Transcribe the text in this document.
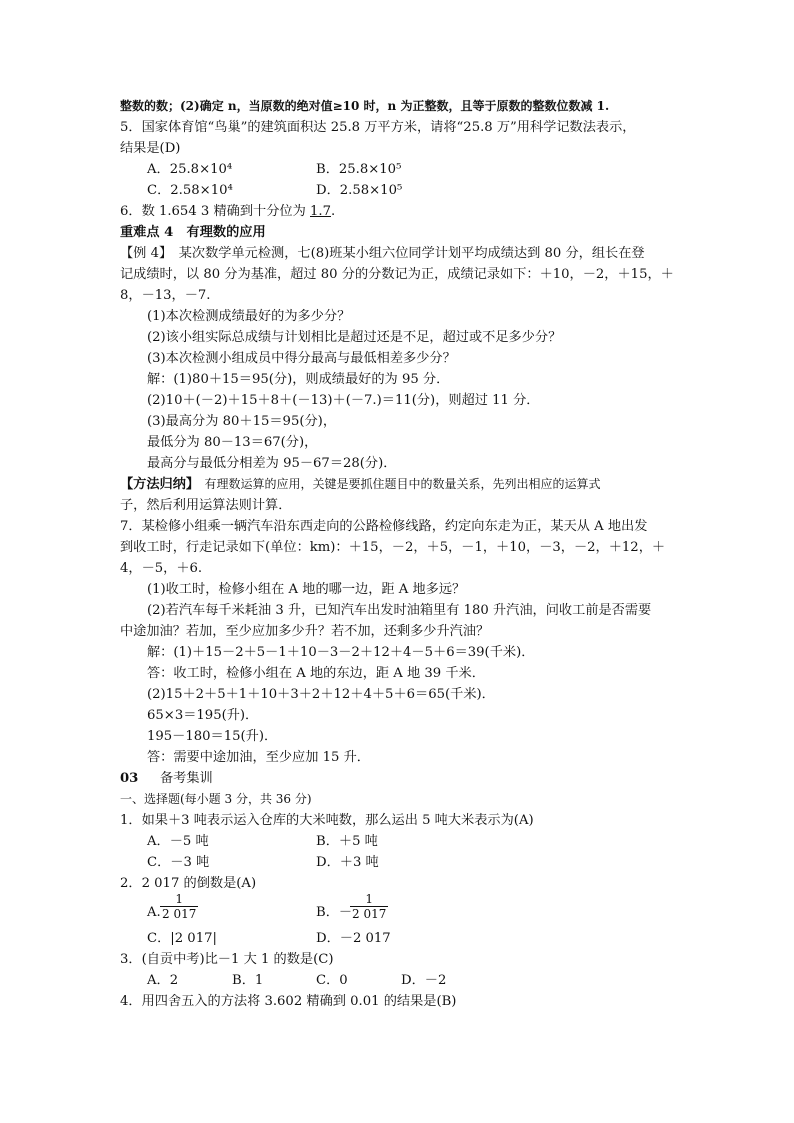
整数的数；(2)确定 n，当原数的绝对值≥10 时，n 为正整数，且等于原数的整数位数减 1.
5．国家体育馆“鸟巢”的建筑面积达 25.8 万平方米，请将“25.8 万”用科学记数法表示，
结果是(D)
A．25.8×10⁴	B．25.8×10⁵
C．2.58×10⁴	D．2.58×10⁵
6．数 1.654 3 精确到十分位为 1.7.
重难点 4　有理数的应用
【例 4】　某次数学单元检测，七(8)班某小组六位同学计划平均成绩达到 80 分，组长在登
记成绩时，以 80 分为基准，超过 80 分的分数记为正，成绩记录如下：＋10，－2，＋15，＋
8，－13，－7.
(1)本次检测成绩最好的为多少分？
(2)该小组实际总成绩与计划相比是超过还是不足，超过或不足多少分？
(3)本次检测小组成员中得分最高与最低相差多少分？
解：(1)80＋15＝95(分)，则成绩最好的为 95 分．
(2)10＋(－2)＋15＋8＋(－13)＋(－7.)＝11(分)，则超过 11 分．
(3)最高分为 80＋15＝95(分)，
最低分为 80－13＝67(分)，
最高分与最低分相差为 95－67＝28(分)．
【方法归纳】　有理数运算的应用，关键是要抓住题目中的数量关系，先列出相应的运算式
子，然后利用运算法则计算．
7．某检修小组乘一辆汽车沿东西走向的公路检修线路，约定向东走为正，某天从 A 地出发
到收工时，行走记录如下(单位：km)：＋15，－2，＋5，－1，＋10，－3，－2，＋12，＋
4，－5，＋6.
(1)收工时，检修小组在 A 地的哪一边，距 A 地多远？
(2)若汽车每千米耗油 3 升，已知汽车出发时油箱里有 180 升汽油，问收工前是否需要
中途加油？若加，至少应加多少升？若不加，还剩多少升汽油？
解：(1)＋15－2＋5－1＋10－3－2＋12＋4－5＋6＝39(千米)．
答：收工时，检修小组在 A 地的东边，距 A 地 39 千米．
(2)15＋2＋5＋1＋10＋3＋2＋12＋4＋5＋6＝65(千米)．
65×3＝195(升)．
195－180＝15(升)．
答：需要中途加油，至少应加 15 升．
03 备考集训
一、选择题(每小题 3 分，共 36 分)
1．如果＋3 吨表示运入仓库的大米吨数，那么运出 5 吨大米表示为(A)
A．－5 吨	B．＋5 吨
C．－3 吨	D．＋3 吨
2．2 017 的倒数是(A)
A. $\frac{1}{2 017}$	B．－
$\frac{1}{2 017}$
C．|2 017|	D．－2 017
3．(自贡中考)比－1 大 1 的数是(C)
A．2	B．1	C．0	D．－2
4．用四舍五入的方法将 3.602 精确到 0.01 的结果是(B)
